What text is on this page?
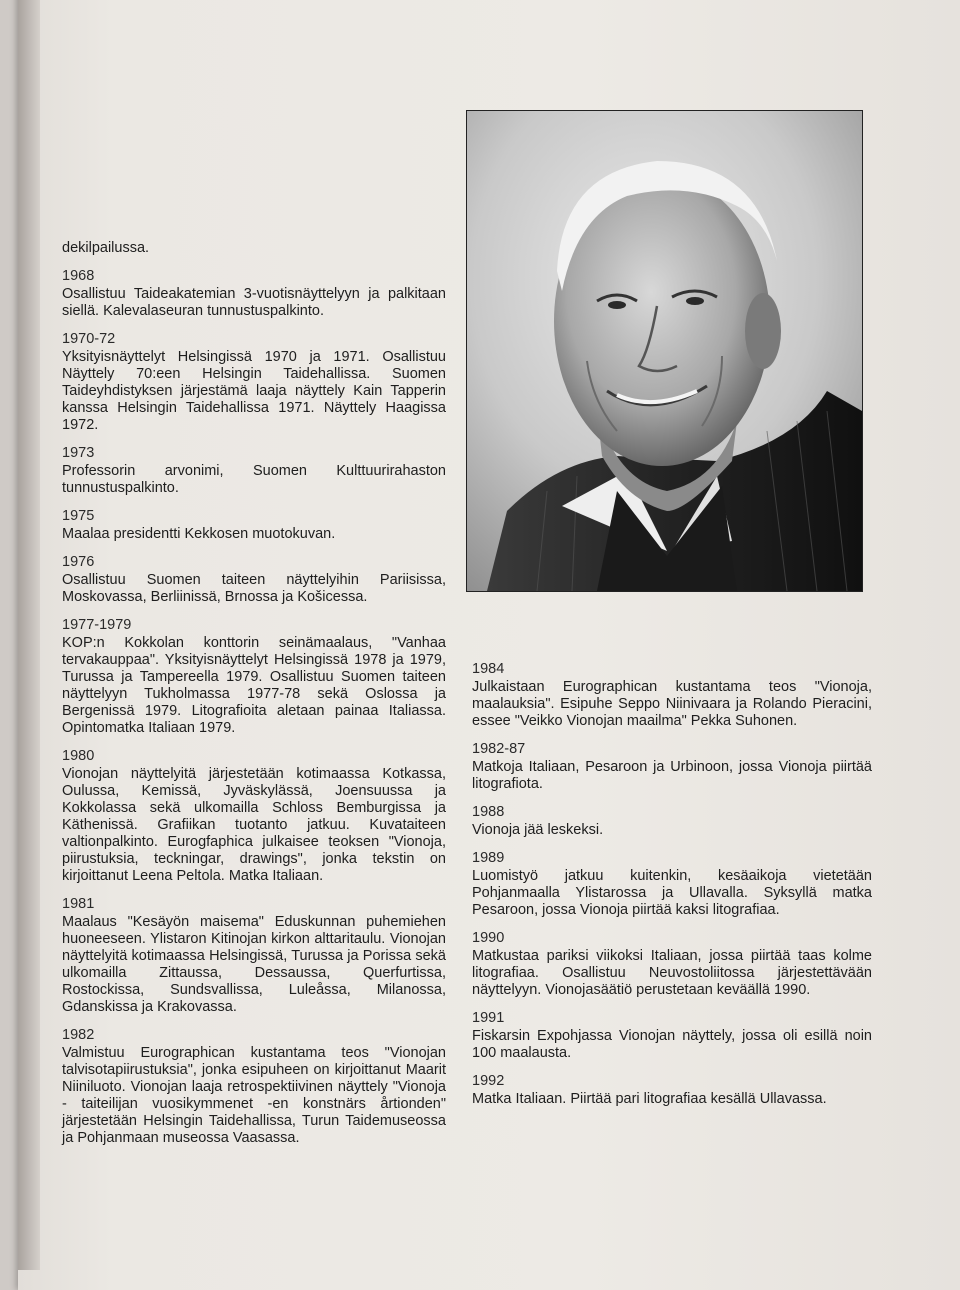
dekilpailussa.

1968
Osallistuu Taideakatemian 3-vuotisnäyttelyyn ja palkitaan siellä. Kalevalaseuran tunnustuspalkinto.
1970-72
Yksityisnäyttelyt Helsingissä 1970 ja 1971. Osallistuu Näyttely 70:een Helsingin Taidehallissa. Suomen Taideyhdistyksen järjestämä laaja näyttely Kain Tapperin kanssa Helsingin Taidehallissa 1971. Näyttely Haagissa 1972.
1973
Professorin arvonimi, Suomen Kulttuurirahaston tunnustuspalkinto.
1975
Maalaa presidentti Kekkosen muotokuvan.
1976
Osallistuu Suomen taiteen näyttelyihin Pariisissa, Moskovassa, Berliinissä, Brnossa ja Košicessa.
1977-1979
KOP:n Kokkolan konttorin seinämaalaus, "Vanhaa tervakauppaa". Yksityisnäyttelyt Helsingissä 1978 ja 1979, Turussa ja Tampereella 1979. Osallistuu Suomen taiteen näyttelyyn Tukholmassa 1977-78 sekä Oslossa ja Bergenissä 1979. Litografioita aletaan painaa Italiassa. Opintomatka Italiaan 1979.
1980
Vionojan näyttelyitä järjestetään kotimaassa Kotkassa, Oulussa, Kemissä, Jyväskylässä, Joensuussa ja Kokkolassa sekä ulkomailla Schloss Bemburgissa ja Käthenissä. Grafiikan tuotanto jatkuu. Kuvataiteen valtionpalkinto. Eurogfaphica julkaisee teoksen "Vionoja, piirustuksia, teckningar, drawings", jonka tekstin on kirjoittanut Leena Peltola. Matka Italiaan.
1981
Maalaus "Kesäyön maisema" Eduskunnan puhemiehen huoneeseen. Ylistaron Kitinojan kirkon alttaritaulu. Vionojan näyttelyitä kotimaassa Helsingissä, Turussa ja Porissa sekä ulkomailla Zittaussa, Dessaussa, Querfurtissa, Rostockissa, Sundsvallissa, Luleåssa, Milanossa, Gdanskissa ja Krakovassa.
1982
Valmistuu Eurographican kustantama teos "Vionojan talvisotapiirustuksia", jonka esipuheen on kirjoittanut Maarit Niiniluoto. Vionojan laaja retrospektiivinen näyttely "Vionoja - taiteilijan vuosikymmenet -en konstnärs årtionden" järjestetään Helsingin Taidehallissa, Turun Taidemuseossa ja Pohjanmaan museossa Vaasassa.
1984
Julkaistaan Eurographican kustantama teos "Vionoja, maalauksia". Esipuhe Seppo Niinivaara ja Rolando Pieracini, essee "Veikko Vionojan maailma" Pekka Suhonen.
1982-87
Matkoja Italiaan, Pesaroon ja Urbinoon, jossa Vionoja piirtää litografiota.
1988
Vionoja jää leskeksi.
1989
Luomistyö jatkuu kuitenkin, kesäaikoja vietetään Pohjanmaalla Ylistarossa ja Ullavalla. Syksyllä matka Pesaroon, jossa Vionoja piirtää kaksi litografiaa.
1990
Matkustaa pariksi viikoksi Italiaan, jossa piirtää taas kolme litografiaa. Osallistuu Neuvostoliitossa järjestettävään näyttelyyn. Vionojasäätiö perustetaan keväällä 1990.
1991
Fiskarsin Expohjassa Vionojan näyttely, jossa oli esillä noin 100 maalausta.
1992
Matka Italiaan. Piirtää pari litografiaa kesällä Ullavassa.
